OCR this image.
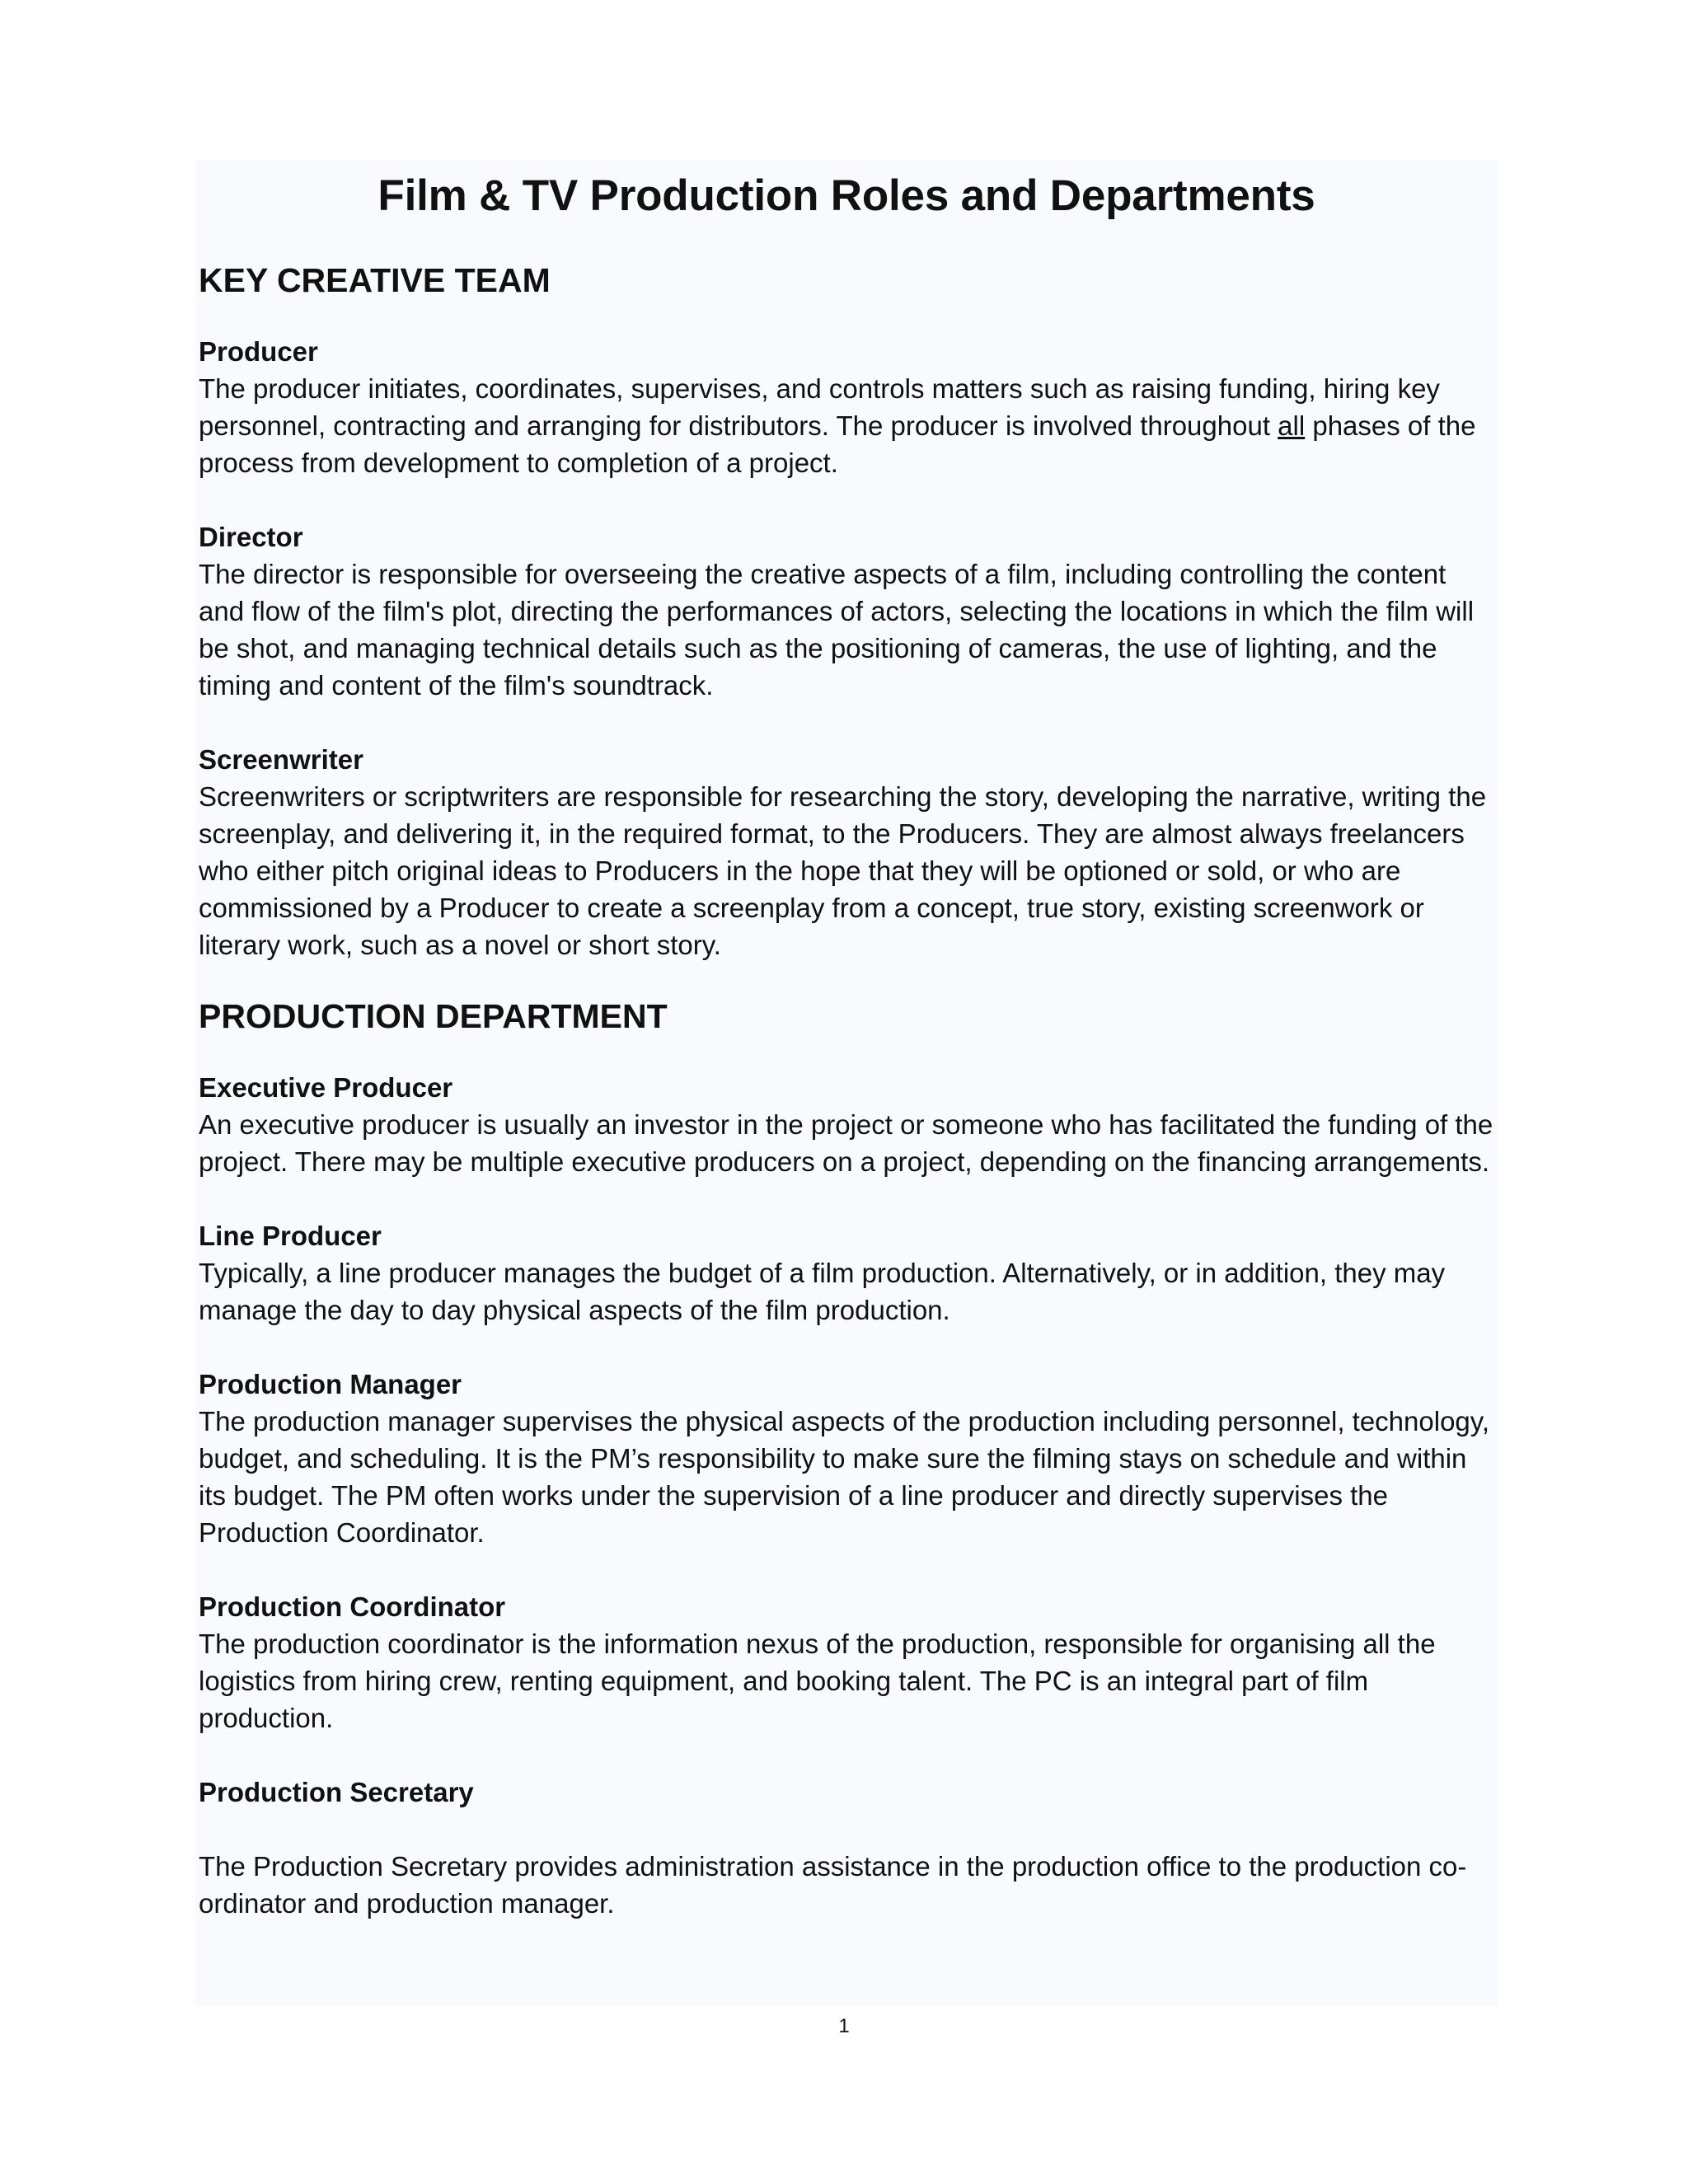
Film & TV Production Roles and Departments
KEY CREATIVE TEAM

Producer

The producer initiates, coordinates, supervises, and controls matters such as raising funding, hiring key personnel, contracting and arranging for distributors. The producer is involved throughout all phases of the process from development to completion of a project.

Director

The director is responsible for overseeing the creative aspects of a film, including controlling the content and flow of the film's plot, directing the performances of actors, selecting the locations in which the film will be shot, and managing technical details such as the positioning of cameras, the use of lighting, and the timing and content of the film's soundtrack.

Screenwriter

Screenwriters or scriptwriters are responsible for researching the story, developing the narrative, writing the screenplay, and delivering it, in the required format, to the Producers. They are almost always freelancers who either pitch original ideas to Producers in the hope that they will be optioned or sold, or who are commissioned by a Producer to create a screenplay from a concept, true story, existing screenwork or literary work, such as a novel or short story.

PRODUCTION DEPARTMENT

Executive Producer

An executive producer is usually an investor in the project or someone who has facilitated the funding of the project. There may be multiple executive producers on a project, depending on the financing arrangements.

Line Producer

Typically, a line producer manages the budget of a film production. Alternatively, or in addition, they may manage the day to day physical aspects of the film production.

Production Manager

The production manager supervises the physical aspects of the production including personnel, technology, budget, and scheduling. It is the PM’s responsibility to make sure the filming stays on schedule and within its budget. The PM often works under the supervision of a line producer and directly supervises the Production Coordinator.

Production Coordinator

The production coordinator is the information nexus of the production, responsible for organising all the logistics from hiring crew, renting equipment, and booking talent. The PC is an integral part of film production.

Production Secretary

The Production Secretary provides administration assistance in the production office to the production co-ordinator and production manager.

1
